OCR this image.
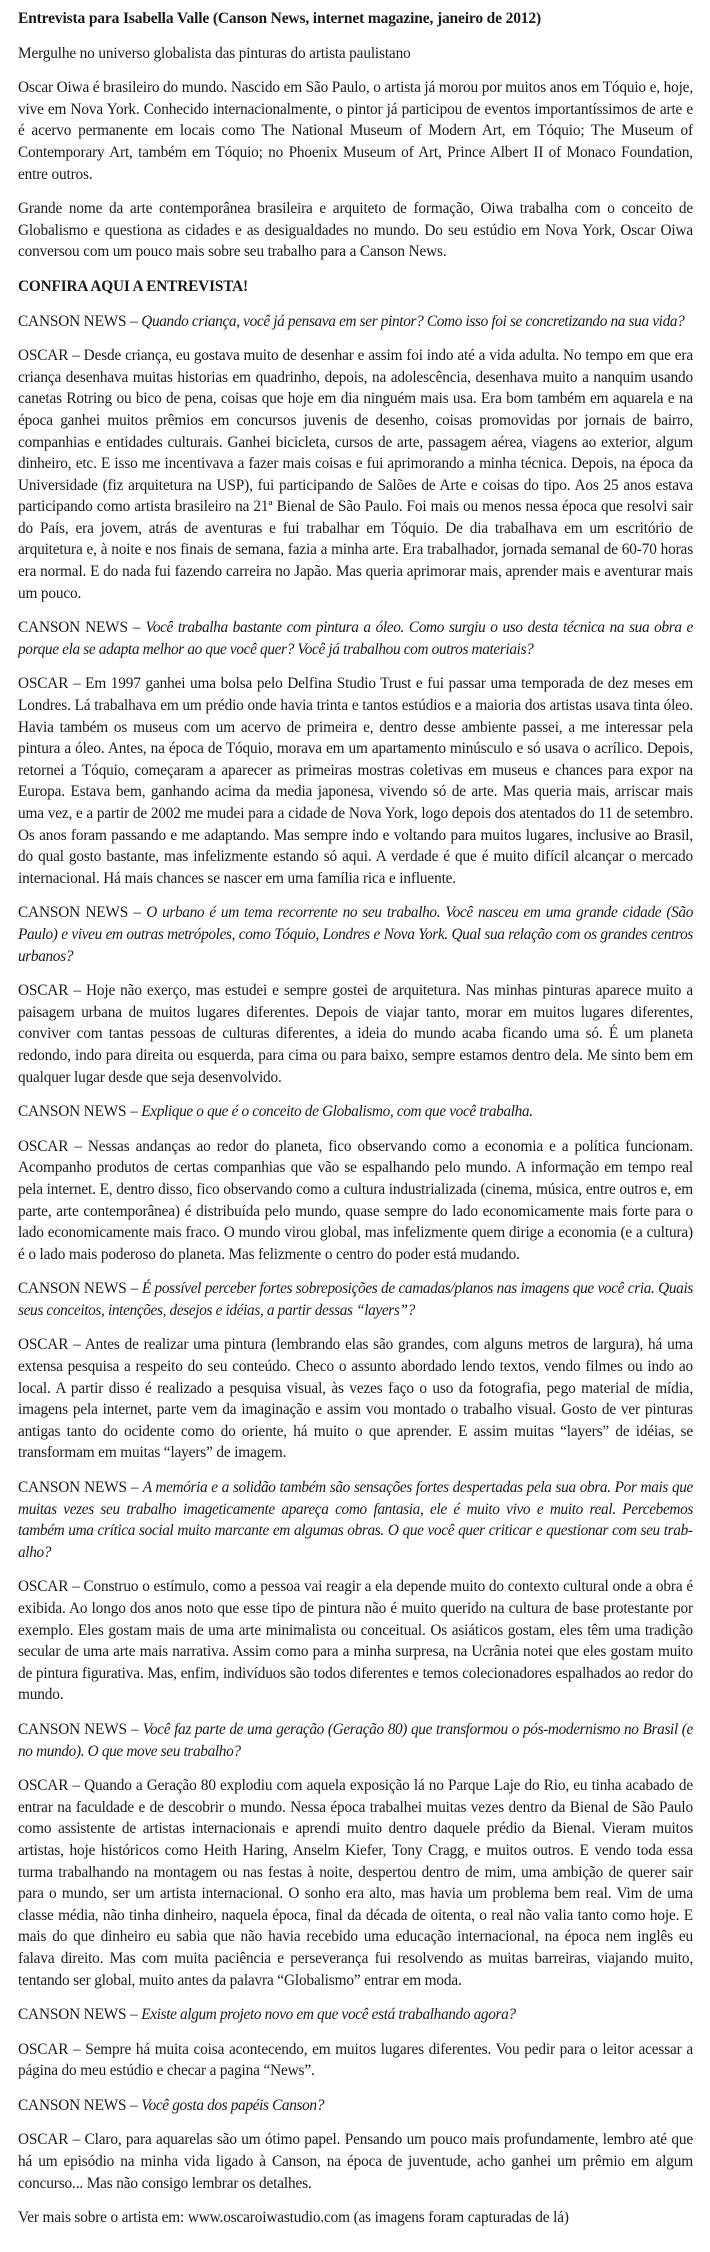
Entrevista para Isabella Valle (Canson News, internet magazine, janeiro de 2012)

Mergulhe no universo globalista das pinturas do artista paulistano

Oscar Oiwa é brasileiro do mundo. Nascido em São Paulo, o artista já morou por muitos anos em Tóquio e, hoje, vive em Nova York. Conhecido internacionalmente, o pintor já participou de eventos importantíssimos de arte e é acervo permanente em locais como The National Museum of Modern Art, em Tóquio; The Museum of Contemporary Art, também em Tóquio; no Phoenix Museum of Art, Prince Albert II of Monaco Foundation, entre outros.

Grande nome da arte contemporânea brasileira e arquiteto de formação, Oiwa trabalha com o conceito de Globalismo e questiona as cidades e as desigualdades no mundo. Do seu estúdio em Nova York, Oscar Oiwa conversou com um pouco mais sobre seu trabalho para a Canson News.

CONFIRA AQUI A ENTREVISTA!

CANSON NEWS – Quando criança, você já pensava em ser pintor? Como isso foi se concretizando na sua vida?

OSCAR – Desde criança, eu gostava muito de desenhar e assim foi indo até a vida adulta. No tempo em que era criança desenhava muitas historias em quadrinho, depois, na adolescência, desenhava muito a nanquim usando canetas Rotring ou bico de pena, coisas que hoje em dia ninguém mais usa. Era bom também em aquarela e na época ganhei muitos prêmios em concursos juvenis de desenho, coisas promovidas por jornais de bairro, companhias e entidades culturais. Ganhei bicicleta, cursos de arte, passagem aérea, viagens ao exterior, algum dinheiro, etc. E isso me incentivava a fazer mais coisas e fui aprimorando a minha técnica. Depois, na época da Universidade (fiz arquitetura na USP), fui participando de Salões de Arte e coisas do tipo. Aos 25 anos estava participando como artista brasileiro na 21ª Bienal de São Paulo. Foi mais ou menos nessa época que resolvi sair do País, era jovem, atrás de aventuras e fui trabalhar em Tóquio. De dia trabalhava em um escritório de arquitetura e, à noite e nos finais de semana, fazia a minha arte. Era trabalhador, jornada semanal de 60-70 horas era normal. E do nada fui fazendo carreira no Japão. Mas queria aprimorar mais, aprender mais e aventurar mais um pouco.

CANSON NEWS – Você trabalha bastante com pintura a óleo. Como surgiu o uso desta técnica na sua obra e porque ela se adapta melhor ao que você quer? Você já trabalhou com outros materiais?

OSCAR – Em 1997 ganhei uma bolsa pelo Delfina Studio Trust e fui passar uma temporada de dez meses em Londres. Lá trabalhava em um prédio onde havia trinta e tantos estúdios e a maioria dos artistas usava tinta óleo. Havia também os museus com um acervo de primeira e, dentro desse ambiente passei, a me interessar pela pintura a óleo. Antes, na época de Tóquio, morava em um apartamento minúsculo e só usava o acrílico. Depois, retornei a Tóquio, começaram a aparecer as primeiras mostras coletivas em museus e chances para expor na Europa. Estava bem, ganhando acima da media japonesa, vivendo só de arte. Mas queria mais, arriscar mais uma vez, e a partir de 2002 me mudei para a cidade de Nova York, logo depois dos atentados do 11 de setembro. Os anos foram passando e me adaptando. Mas sempre indo e voltando para muitos lugares, inclusive ao Brasil, do qual gosto bastante, mas infelizmente estando só aqui. A verdade é que é muito difícil alcançar o mercado internacional. Há mais chances se nascer em uma família rica e influente.

CANSON NEWS – O urbano é um tema recorrente no seu trabalho. Você nasceu em uma grande cidade (São Paulo) e viveu em outras metrópoles, como Tóquio, Londres e Nova York. Qual sua relação com os grandes centros urbanos?

OSCAR – Hoje não exerço, mas estudei e sempre gostei de arquitetura. Nas minhas pinturas aparece muito a paisagem urbana de muitos lugares diferentes. Depois de viajar tanto, morar em muitos lugares diferentes, conviver com tantas pessoas de culturas diferentes, a ideia do mundo acaba ficando uma só. É um planeta redondo, indo para direita ou esquerda, para cima ou para baixo, sempre estamos dentro dela. Me sinto bem em qualquer lugar desde que seja desenvolvido.

CANSON NEWS – Explique o que é o conceito de Globalismo, com que você trabalha.

OSCAR – Nessas andanças ao redor do planeta, fico observando como a economia e a política funcionam. Acompanho produtos de certas companhias que vão se espalhando pelo mundo. A informação em tempo real pela internet. E, dentro disso, fico observando como a cultura industrializada (cinema, música, entre outros e, em parte, arte contemporânea) é distribuída pelo mundo, quase sempre do lado economicamente mais forte para o lado economicamente mais fraco. O mundo virou global, mas infelizmente quem dirige a economia (e a cultura) é o lado mais poderoso do planeta. Mas felizmente o centro do poder está mudando.

CANSON NEWS – É possível perceber fortes sobreposições de camadas/planos nas imagens que você cria. Quais seus conceitos, intenções, desejos e idéias, a partir dessas “layers”?

OSCAR – Antes de realizar uma pintura (lembrando elas são grandes, com alguns metros de largura), há uma extensa pesquisa a respeito do seu conteúdo. Checo o assunto abordado lendo textos, vendo filmes ou indo ao local. A partir disso é realizado a pesquisa visual, às vezes faço o uso da fotografia, pego material de mídia, imagens pela internet, parte vem da imaginação e assim vou montado o trabalho visual. Gosto de ver pinturas antigas tanto do ocidente como do oriente, há muito o que aprender. E assim muitas “layers” de idéias, se transformam em muitas “layers” de imagem.

CANSON NEWS – A memória e a solidão também são sensações fortes despertadas pela sua obra. Por mais que muitas vezes seu trabalho imageticamente apareça como fantasia, ele é muito vivo e muito real. Percebemos também uma crítica social muito marcante em algumas obras. O que você quer criticar e questionar com seu trabalho?

OSCAR – Construo o estímulo, como a pessoa vai reagir a ela depende muito do contexto cultural onde a obra é exibida. Ao longo dos anos noto que esse tipo de pintura não é muito querido na cultura de base protestante por exemplo. Eles gostam mais de uma arte minimalista ou conceitual. Os asiáticos gostam, eles têm uma tradição secular de uma arte mais narrativa. Assim como para a minha surpresa, na Ucrânia notei que eles gostam muito de pintura figurativa. Mas, enfim, indivíduos são todos diferentes e temos colecionadores espalhados ao redor do mundo.

CANSON NEWS – Você faz parte de uma geração (Geração 80) que transformou o pós-modernismo no Brasil (e no mundo). O que move seu trabalho?

OSCAR – Quando a Geração 80 explodiu com aquela exposição lá no Parque Laje do Rio, eu tinha acabado de entrar na faculdade e de descobrir o mundo. Nessa época trabalhei muitas vezes dentro da Bienal de São Paulo como assistente de artistas internacionais e aprendi muito dentro daquele prédio da Bienal. Vieram muitos artistas, hoje históricos como Heith Haring, Anselm Kiefer, Tony Cragg, e muitos outros. E vendo toda essa turma trabalhando na montagem ou nas festas à noite, despertou dentro de mim, uma ambição de querer sair para o mundo, ser um artista internacional. O sonho era alto, mas havia um problema bem real. Vim de uma classe média, não tinha dinheiro, naquela época, final da década de oitenta, o real não valia tanto como hoje. E mais do que dinheiro eu sabia que não havia recebido uma educação internacional, na época nem inglês eu falava direito. Mas com muita paciência e perseverança fui resolvendo as muitas barreiras, viajando muito, tentando ser global, muito antes da palavra “Globalismo” entrar em moda.

CANSON NEWS – Existe algum projeto novo em que você está trabalhando agora?

OSCAR – Sempre há muita coisa acontecendo, em muitos lugares diferentes. Vou pedir para o leitor acessar a página do meu estúdio e checar a pagina “News”.

CANSON NEWS – Você gosta dos papéis Canson?

OSCAR – Claro, para aquarelas são um ótimo papel. Pensando um pouco mais profundamente, lembro até que há um episódio na minha vida ligado à Canson, na época de juventude, acho ganhei um prêmio em algum concurso... Mas não consigo lembrar os detalhes.

Ver mais sobre o artista em: www.oscaroiwastudio.com (as imagens foram capturadas de lá)
